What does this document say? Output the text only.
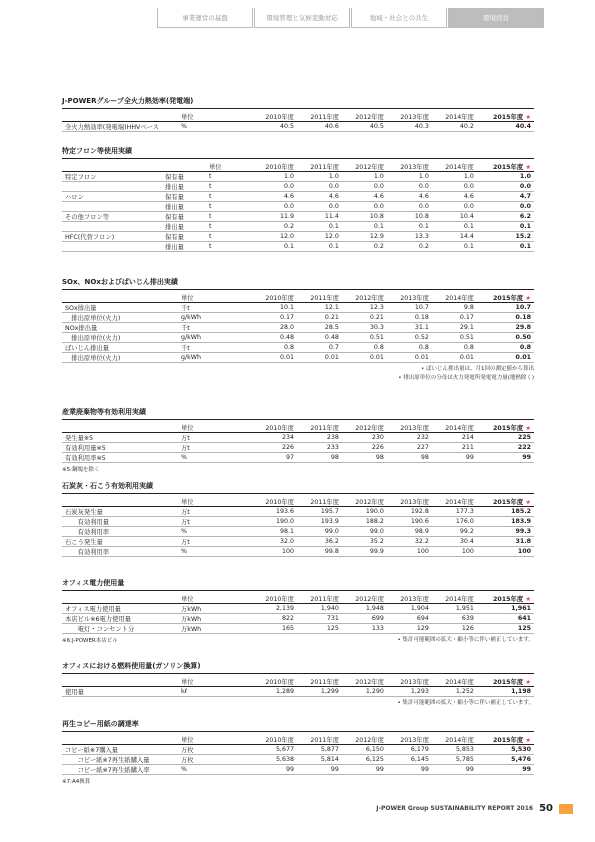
事業運営の基盤	環境管理と気候変動対応	地域・社会との共生	環境経営
J-POWERグループ全火力熱効率(発電端)
	単位	2010年度	2011年度	2012年度	2013年度	2014年度	2015年度 ★
全火力熱効率(発電端)HHVベース	%	40.5	40.6	40.5	40.3	40.2	40.4
特定フロン等使用実績
		単位	2010年度	2011年度	2012年度	2013年度	2014年度	2015年度 ★
特定フロン	保有量	t	1.0	1.0	1.0	1.0	1.0	1.0
	排出量	t	0.0	0.0	0.0	0.0	0.0	0.0
ハロン	保有量	t	4.6	4.6	4.6	4.6	4.6	4.7
	排出量	t	0.0	0.0	0.0	0.0	0.0	0.0
その他フロン等	保有量	t	11.9	11.4	10.8	10.8	10.4	6.2
	排出量	t	0.2	0.1	0.1	0.1	0.1	0.1
HFC(代替フロン)	保有量	t	12.0	12.0	12.9	13.3	14.4	15.2
	排出量	t	0.1	0.1	0.2	0.2	0.1	0.1
SOx、NOxおよびばいじん排出実績
	単位	2010年度	2011年度	2012年度	2013年度	2014年度	2015年度 ★
SOx排出量	千t	10.1	12.1	12.3	10.7	9.8	10.7
　排出原単位(火力)	g/kWh	0.17	0.21	0.21	0.18	0.17	0.18
NOx排出量	千t	28.0	28.5	30.3	31.1	29.1	29.8
　排出原単位(火力)	g/kWh	0.48	0.48	0.51	0.52	0.51	0.50
ばいじん排出量	千t	0.8	0.7	0.8	0.8	0.8	0.8
　排出原単位(火力)	g/kWh	0.01	0.01	0.01	0.01	0.01	0.01
• ばいじん排出量は、月1回の測定値から算出
• 排出原単位の分母は火力発電所発電電力量(地熱除く)
産業廃棄物等有効利用実績
	単位	2010年度	2011年度	2012年度	2013年度	2014年度	2015年度 ★
発生量※5	万t	234	238	230	232	214	225
有効利用量※5	万t	226	233	226	227	211	222
有効利用率※5	%	97	98	98	98	99	99
※5:鋼塊を除く
石炭灰・石こう有効利用実績
	単位	2010年度	2011年度	2012年度	2013年度	2014年度	2015年度 ★
石炭灰発生量	万t	193.6	195.7	190.0	192.8	177.3	185.2
　　有効利用量	万t	190.0	193.9	188.2	190.6	176.0	183.9
　　有効利用率	%	98.1	99.0	99.0	98.9	99.2	99.3
石こう発生量	万t	32.0	36.2	35.2	32.2	30.4	31.8
　　有効利用率	%	100	99.8	99.9	100	100	100
オフィス電力使用量
	単位	2010年度	2011年度	2012年度	2013年度	2014年度	2015年度 ★
オフィス電力使用量	万kWh	2,139	1,940	1,948	1,904	1,951	1,961
本店ビル※6電力使用量	万kWh	822	731	699	694	639	641
　　電灯・コンセント分	万kWh	165	125	133	129	126	125
※6:J-POWER本店ビル	• 集計可能範囲の拡大・縮小等に伴い補正しています。
オフィスにおける燃料使用量(ガソリン換算)
	単位	2010年度	2011年度	2012年度	2013年度	2014年度	2015年度 ★
使用量	kℓ	1,289	1,299	1,290	1,293	1,252	1,198
• 集計可能範囲の拡大・縮小等に伴い補正しています。
再生コピー用紙の調達率
	単位	2010年度	2011年度	2012年度	2013年度	2014年度	2015年度 ★
コピー紙※7購入量	万枚	5,677	5,877	6,150	6,179	5,853	5,530
　　コピー紙※7再生紙購入量	万枚	5,638	5,814	6,125	6,145	5,785	5,476
　　コピー紙※7再生紙購入率	%	99	99	99	99	99	99
※7:A4換算
J-POWER Group SUSTAINABILITY REPORT 2016 50
